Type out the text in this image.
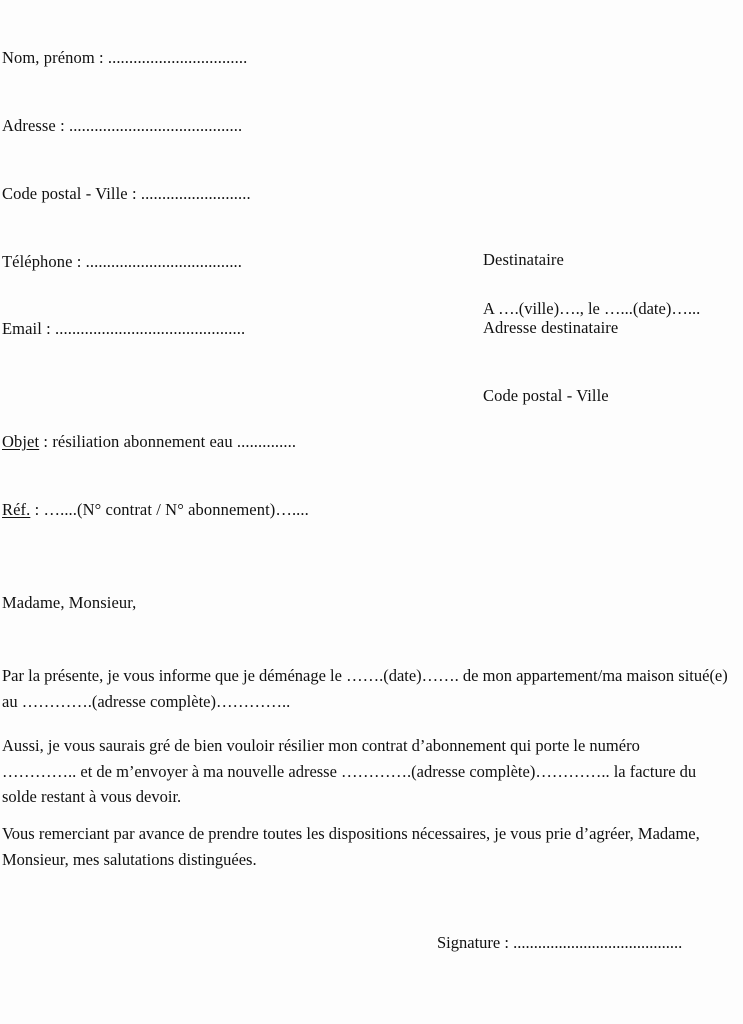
Nom, prénom : .................................

Adresse : .........................................

Code postal - Ville : ..........................

Téléphone : .....................................

Email : .............................................

Destinataire

Adresse destinataire

Code postal - Ville

A ….(ville)…., le …...(date)…...

Objet : résiliation abonnement eau ..............

Réf. : …....(N° contrat / N° abonnement)…....

Madame, Monsieur,
Par la présente, je vous informe que je déménage le …….(date)……. de mon appartement/ma maison situé(e) au ………….(adresse complète)…………..
Aussi, je vous saurais gré de bien vouloir résilier mon contrat d’abonnement qui porte le numéro ………….. et de m’envoyer à ma nouvelle adresse ………….(adresse complète)………….. la facture du solde restant à vous devoir.
Vous remerciant par avance de prendre toutes les dispositions nécessaires, je vous prie d’agréer, Madame, Monsieur, mes salutations distinguées.
Signature : .........................................
